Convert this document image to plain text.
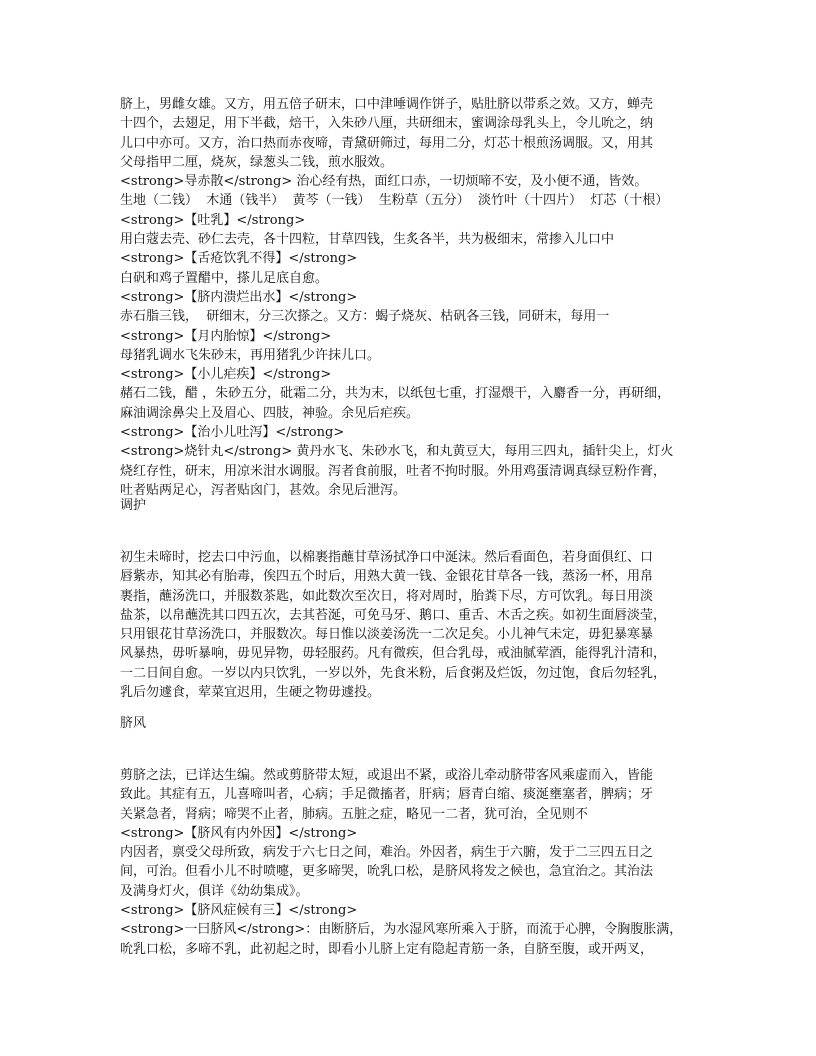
脐上，男雌女雄。又方，用五倍子研末，口中津唾调作饼子，贴肚脐以带系之效。又方，蝉壳
十四个，去翅足，用下半截，焙干，入朱砂八厘，共研细末，蜜调涂母乳头上，令儿吮之，纳
儿口中亦可。又方，治口热而赤夜啼，青黛研筛过，每用二分，灯芯十根煎汤调服。又，用其
父母指甲二厘，烧灰，绿葱头二钱，煎水服效。
<strong>导赤散</strong> 治心经有热，面红口赤，一切烦啼不安，及小便不通，皆效。
生地（二钱）  木通（钱半）  黄芩（一钱）  生粉草（五分）  淡竹叶（十四片）  灯芯（十根）
<strong>【吐乳】</strong>
用白蔻去壳、砂仁去壳，各十四粒，甘草四钱，生炙各半，共为极细末，常掺入儿口中
<strong>【舌疮饮乳不得】</strong>
白矾和鸡子置醋中，搽儿足底自愈。
<strong>【脐内溃烂出水】</strong>
赤石脂三钱，  研细末，分三次搽之。又方：蝎子烧灰、枯矾各三钱，同研末，每用一
<strong>【月内胎惊】</strong>
母猪乳调水飞朱砂末，再用猪乳少许抹儿口。
<strong>【小儿疟疾】</strong>
赭石二钱，醋 ，朱砂五分，砒霜二分，共为末，以纸包七重，打湿煨干，入麝香一分，再研细，
麻油调涂鼻尖上及眉心、四肢，神验。余见后疟疾。
<strong>【治小儿吐泻】</strong>
<strong>烧针丸</strong> 黄丹水飞、朱砂水飞，和丸黄豆大，每用三四丸，插针尖上，灯火
烧红存性，研末，用凉米泔水调服。泻者食前服，吐者不拘时服。外用鸡蛋清调真绿豆粉作膏，
吐者贴两足心，泻者贴囟门，甚效。余见后泄泻。
调护
初生未啼时，挖去口中污血，以棉裹指蘸甘草汤拭净口中涎沫。然后看面色，若身面俱红、口
唇紫赤，知其必有胎毒，俟四五个时后，用熟大黄一钱、金银花甘草各一钱，蒸汤一杯，用帛
裹指，蘸汤洗口，并服数茶匙，如此数次至次日，将对周时，胎粪下尽，方可饮乳。每日用淡
盐茶，以帛蘸洗其口四五次，去其苔涎，可免马牙、鹅口、重舌、木舌之疾。如初生面唇淡莹，
只用银花甘草汤洗口，并服数次。每日惟以淡姜汤洗一二次足矣。小儿神气未定，毋犯暴寒暴
风暴热，毋听暴响，毋见异物，毋轻服药。凡有微疾，但合乳母，戒油腻荤酒，能得乳汁清和，
一二日间自愈。一岁以内只饮乳，一岁以外，先食米粉，后食粥及烂饭，勿过饱，食后勿轻乳，
乳后勿遽食，荤菜宜迟用，生硬之物毋遽投。
脐风
剪脐之法，已详达生编。然或剪脐带太短，或退出不紧，或浴儿牵动脐带客风乘虚而入，皆能
致此。其症有五，儿喜啼叫者，心病；手足微搐者，肝病；唇青白缩、痰涎壅塞者，脾病；牙
关紧急者，肾病；啼哭不止者，肺病。五脏之症，略见一二者，犹可治，全见则不
<strong>【脐风有内外因】</strong>
内因者，禀受父母所致，病发于六七日之间，难治。外因者，病生于六腑，发于二三四五日之
间，可治。但看小儿不时喷嚏，更多啼哭，吮乳口松，是脐风将发之候也，急宜治之。其治法
及满身灯火，俱详《幼幼集成》。
<strong>【脐风症候有三】</strong>
<strong>一曰脐风</strong>：由断脐后，为水湿风寒所乘入于脐，而流于心脾，令胸腹胀满，
吮乳口松，多啼不乳，此初起之时，即看小儿脐上定有隐起青筋一条，自脐至腹，或开两叉，
